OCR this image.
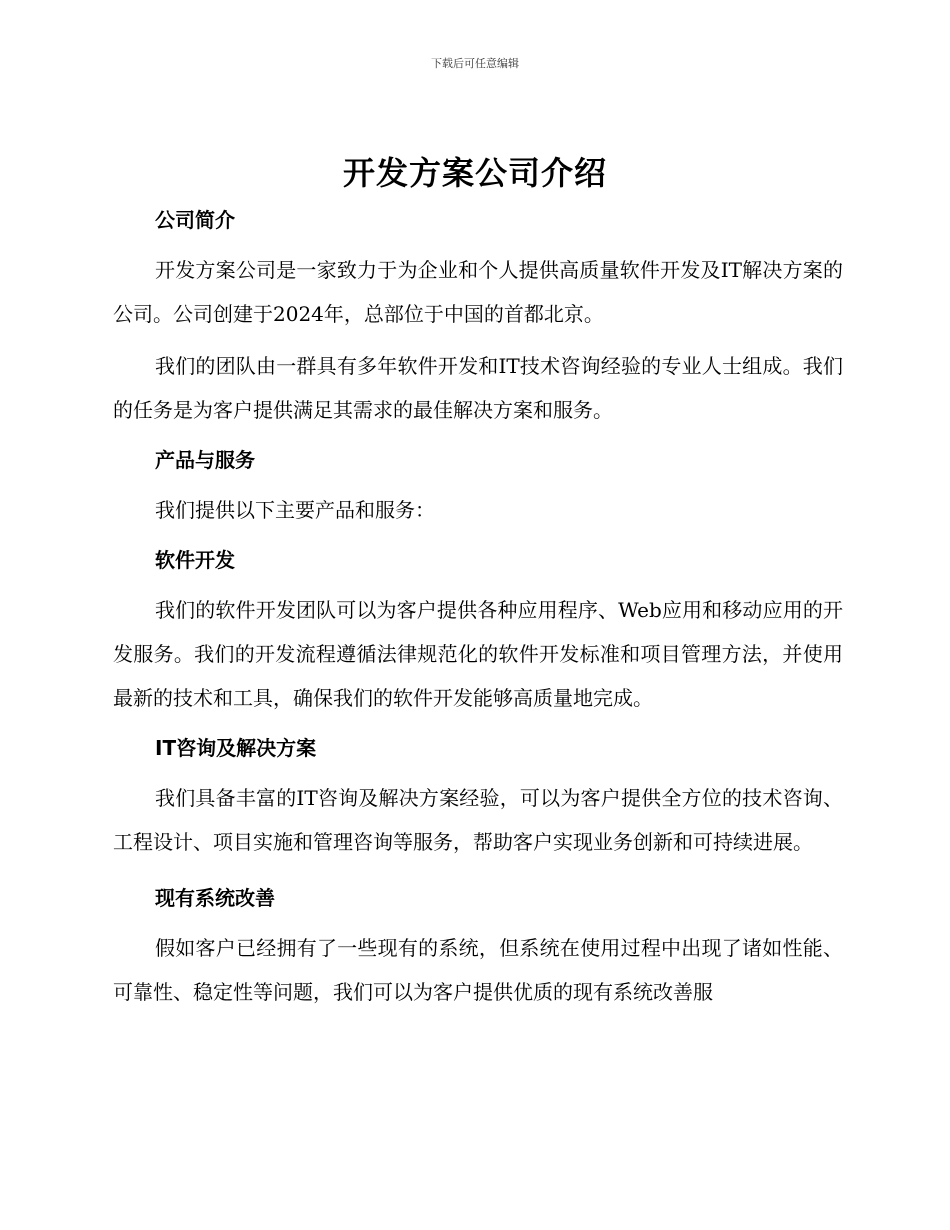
下载后可任意编辑
开发方案公司介绍

公司简介

开发方案公司是一家致力于为企业和个人提供高质量软件开发及IT解决方案的公司。公司创建于2024年，总部位于中国的首都北京。

我们的团队由一群具有多年软件开发和IT技术咨询经验的专业人士组成。我们的任务是为客户提供满足其需求的最佳解决方案和服务。

产品与服务

我们提供以下主要产品和服务：

软件开发

我们的软件开发团队可以为客户提供各种应用程序、Web应用和移动应用的开发服务。我们的开发流程遵循法律规范化的软件开发标准和项目管理方法，并使用最新的技术和工具，确保我们的软件开发能够高质量地完成。

IT咨询及解决方案

我们具备丰富的IT咨询及解决方案经验，可以为客户提供全方位的技术咨询、工程设计、项目实施和管理咨询等服务，帮助客户实现业务创新和可持续进展。

现有系统改善

假如客户已经拥有了一些现有的系统，但系统在使用过程中出现了诸如性能、可靠性、稳定性等问题，我们可以为客户提供优质的现有系统改善服
